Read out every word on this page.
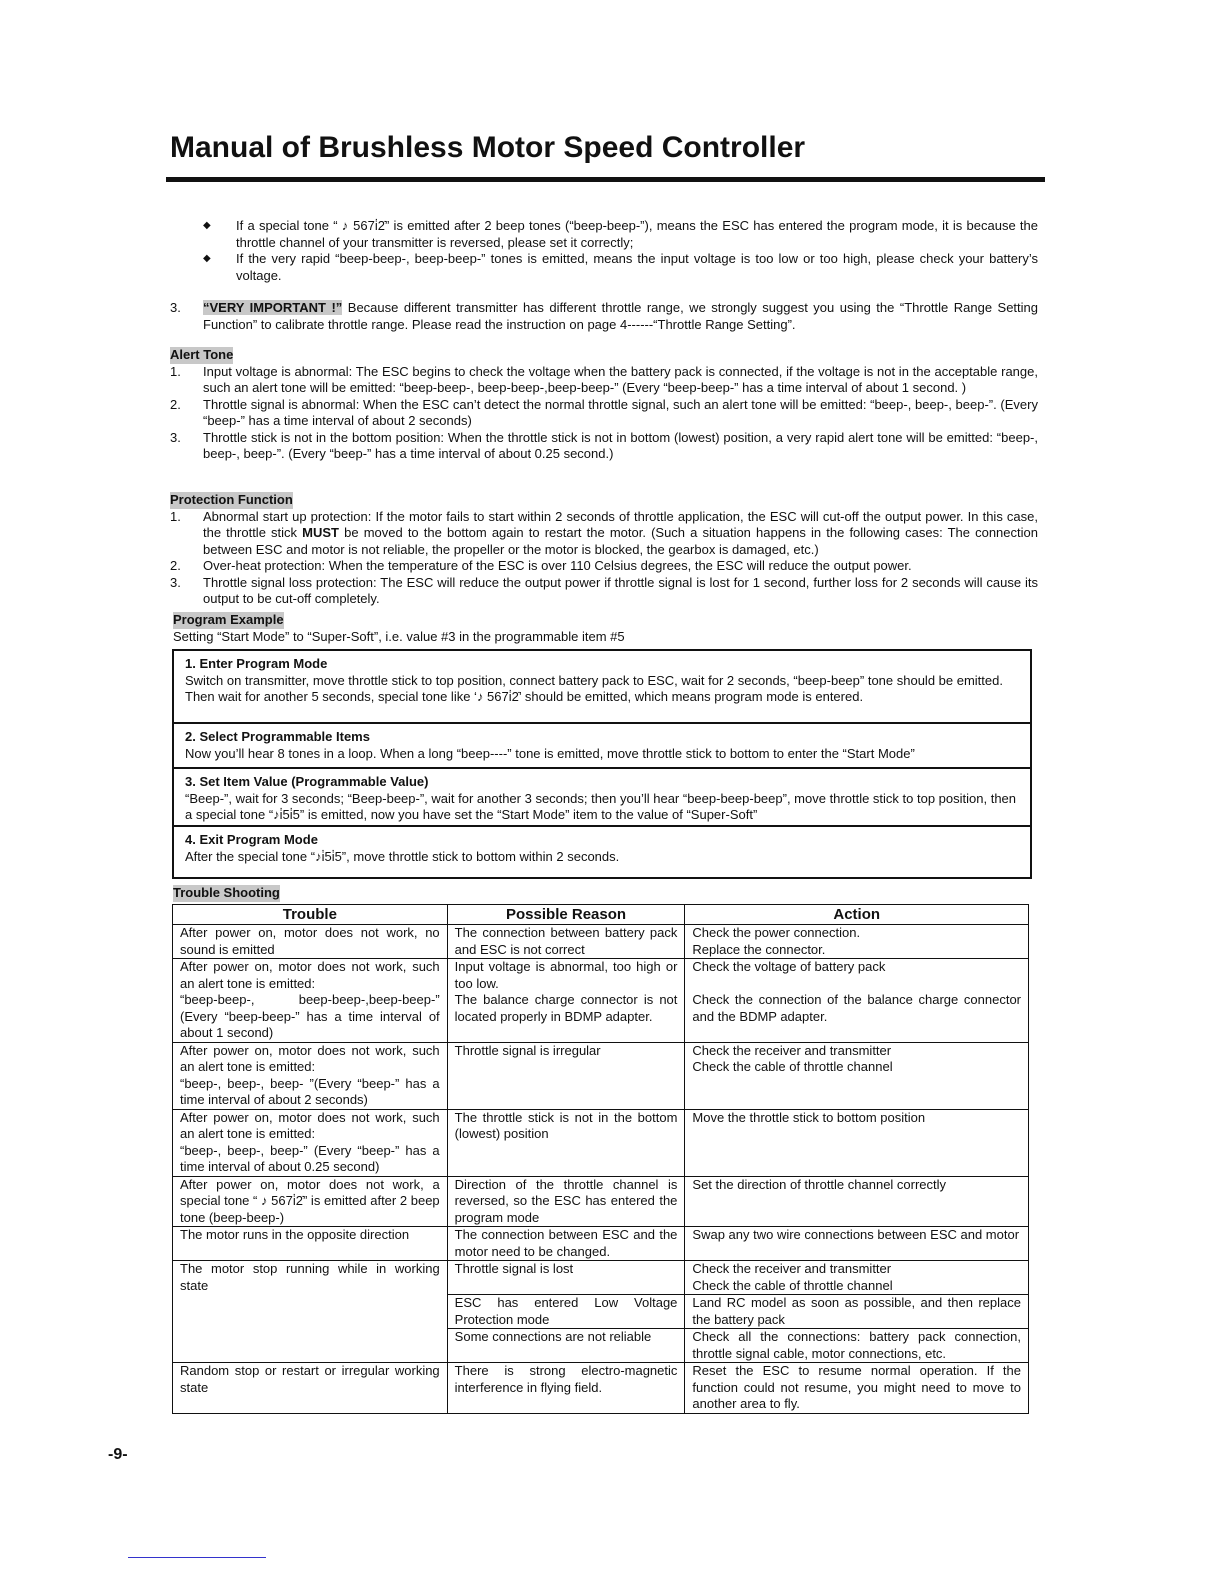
Manual of Brushless Motor Speed Controller
◆ If a special tone “ ♪ 567i̇2̇” is emitted after 2 beep tones (“beep-beep-”), means the ESC has entered the program mode, it is because the throttle channel of your transmitter is reversed, please set it correctly;
◆ If the very rapid “beep-beep-, beep-beep-” tones is emitted, means the input voltage is too low or too high, please check your battery’s voltage.
3. “VERY IMPORTANT !” Because different transmitter has different throttle range, we strongly suggest you using the “Throttle Range Setting Function” to calibrate throttle range. Please read the instruction on page 4------“Throttle Range Setting”.
Alert Tone
1. Input voltage is abnormal: The ESC begins to check the voltage when the battery pack is connected, if the voltage is not in the acceptable range, such an alert tone will be emitted: “beep-beep-, beep-beep-,beep-beep-” (Every “beep-beep-” has a time interval of about 1 second. )
2. Throttle signal is abnormal: When the ESC can’t detect the normal throttle signal, such an alert tone will be emitted: “beep-, beep-, beep-”. (Every “beep-” has a time interval of about 2 seconds)
3. Throttle stick is not in the bottom position: When the throttle stick is not in bottom (lowest) position, a very rapid alert tone will be emitted: “beep-, beep-, beep-”. (Every “beep-” has a time interval of about 0.25 second.)
Protection Function
1. Abnormal start up protection: If the motor fails to start within 2 seconds of throttle application, the ESC will cut-off the output power. In this case, the throttle stick MUST be moved to the bottom again to restart the motor. (Such a situation happens in the following cases: The connection between ESC and motor is not reliable, the propeller or the motor is blocked, the gearbox is damaged, etc.)
2. Over-heat protection: When the temperature of the ESC is over 110 Celsius degrees, the ESC will reduce the output power.
3. Throttle signal loss protection: The ESC will reduce the output power if throttle signal is lost for 1 second, further loss for 2 seconds will cause its output to be cut-off completely.
Program Example
Setting “Start Mode” to “Super-Soft”, i.e. value #3 in the programmable item #5
1. Enter Program Mode
Switch on transmitter, move throttle stick to top position, connect battery pack to ESC, wait for 2 seconds, “beep-beep” tone should be emitted. Then wait for another 5 seconds, special tone like ‘♪ 567i̇2̇’ should be emitted, which means program mode is entered.
2. Select Programmable Items
Now you’ll hear 8 tones in a loop. When a long “beep----” tone is emitted, move throttle stick to bottom to enter the “Start Mode”
3. Set Item Value (Programmable Value)
“Beep-”, wait for 3 seconds; “Beep-beep-”, wait for another 3 seconds; then you’ll hear “beep-beep-beep”, move throttle stick to top position, then a special tone “♪i̇5i̇5” is emitted, now you have set the “Start Mode” item to the value of “Super-Soft”
4. Exit Program Mode
After the special tone “♪i̇5i̇5”, move throttle stick to bottom within 2 seconds.
Trouble Shooting
Trouble	Possible Reason	Action
After power on, motor does not work, no sound is emitted	The connection between battery pack and ESC is not correct	Check the power connection.
Replace the connector.
After power on, motor does not work, such an alert tone is emitted:
“beep-beep-, beep-beep-,beep-beep-” (Every “beep-beep-” has a time interval of about 1 second)	Input voltage is abnormal, too high or too low.
The balance charge connector is not located properly in BDMP adapter.	Check the voltage of battery pack

Check the connection of the balance charge connector and the BDMP adapter.
After power on, motor does not work, such an alert tone is emitted:
“beep-, beep-, beep- ”(Every “beep-” has a time interval of about 2 seconds)	Throttle signal is irregular	Check the receiver and transmitter
Check the cable of throttle channel
After power on, motor does not work, such an alert tone is emitted:
“beep-, beep-, beep-” (Every “beep-” has a time interval of about 0.25 second)	The throttle stick is not in the bottom (lowest) position	Move the throttle stick to bottom position
After power on, motor does not work, a special tone “ ♪ 567i̇2̇” is emitted after 2 beep tone (beep-beep-)	Direction of the throttle channel is reversed, so the ESC has entered the program mode	Set the direction of throttle channel correctly
The motor runs in the opposite direction	The connection between ESC and the motor need to be changed.	Swap any two wire connections between ESC and motor
The motor stop running while in working state	Throttle signal is lost	Check the receiver and transmitter
Check the cable of throttle channel
	ESC has entered Low Voltage Protection mode	Land RC model as soon as possible, and then replace the battery pack
	Some connections are not reliable	Check all the connections: battery pack connection, throttle signal cable, motor connections, etc.
Random stop or restart or irregular working state	There is strong electro-magnetic interference in flying field.	Reset the ESC to resume normal operation. If the function could not resume, you might need to move to another area to fly.
-9-
